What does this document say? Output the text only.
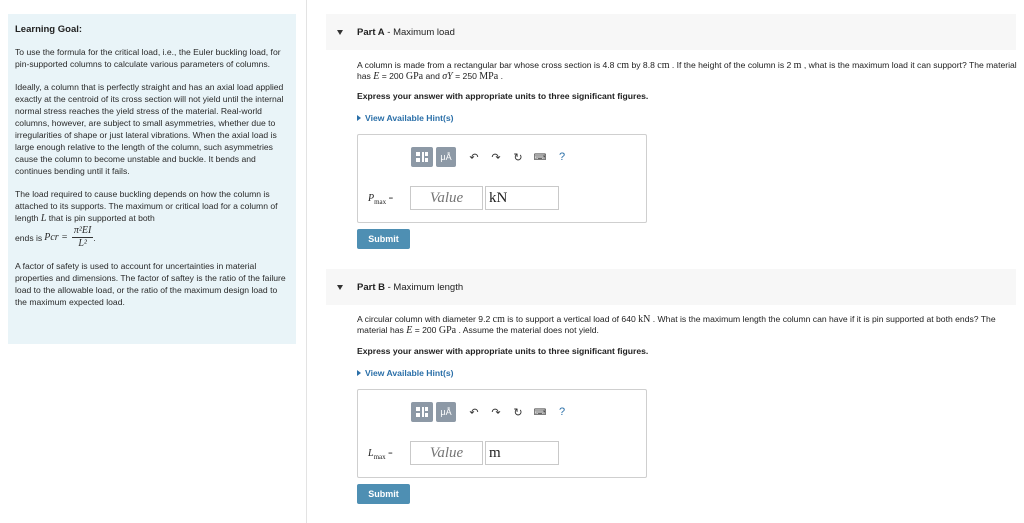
Learning Goal:

To use the formula for the critical load, i.e., the Euler buckling load, for pin-supported columns to calculate various parameters of columns.

Ideally, a column that is perfectly straight and has an axial load applied exactly at the centroid of its cross section will not yield until the internal normal stress reaches the yield stress of the material. Real-world columns, however, are subject to small asymmetries, whether due to irregularities of shape or just lateral vibrations. When the axial load is large enough relative to the length of the column, such asymmetries cause the column to become unstable and buckle. It bends and continues bending until it fails.

The load required to cause buckling depends on how the column is attached to its supports. The maximum or critical load for a column of length L that is pin supported at both

ends is Pcr = $\frac{\text{π²EI}}{\text{L²}}$ .

A factor of safety is used to account for uncertainties in material properties and dimensions. The factor of saftey is the ratio of the failure load to the allowable load, or the ratio of the maximum design load to the maximum expected load.

Part A - Maximum load
A column is made from a rectangular bar whose cross section is 4.8 cm by 8.8 cm . If the height of the column is 2 m , what is the maximum load it can support? The material has E = 200 GPa and σY = 250 MPa .
Express your answer with appropriate units to three significant figures.
View Available Hint(s)
μÅ	↶	↷	↻	⌨	?
$P_{max}$ =
Value
kN
Submit
Part B - Maximum length
A circular column with diameter 9.2 cm is to support a vertical load of 640 kN . What is the maximum length the column can have if it is pin supported at both ends? The material has E = 200 GPa . Assume the material does not yield.
Express your answer with appropriate units to three significant figures.
View Available Hint(s)
μÅ	↶	↷	↻	⌨	?
$L_{max}$ =
Value
m
Submit
